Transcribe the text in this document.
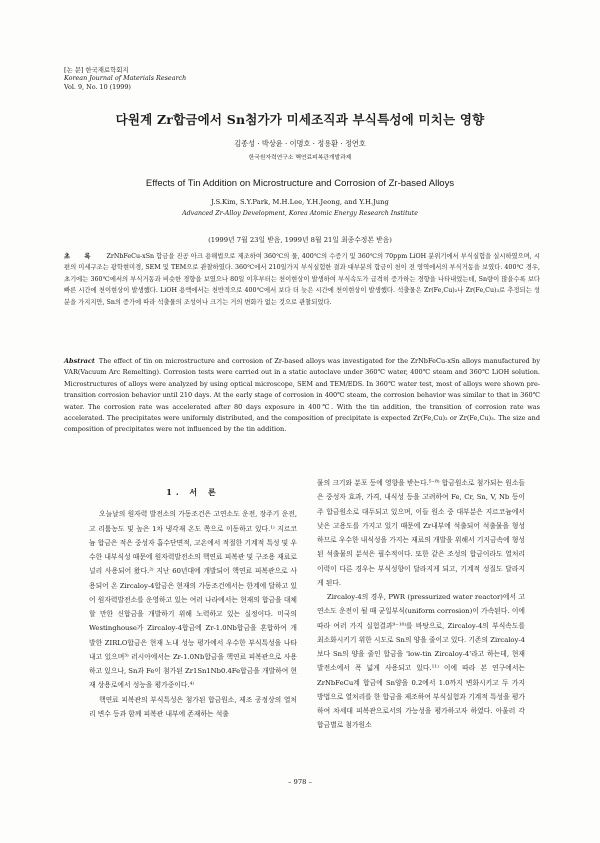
[논 문] 한국재료학회지
Korean Journal of Materials Research
Vol. 9, No. 10 (1999)
다원계 Zr합금에서 Sn첨가가 미세조직과 부식특성에 미치는 영향
김종성 · 박상윤 · 이명호 · 정용환 · 정연호
한국원자력연구소 핵연료피복관개발과제
Effects of Tin Addition on Microstructure and Corrosion of Zr-based Alloys
J.S.Kim, S.Y.Park, M.H.Lee, Y.H.Jeong, and Y.H.Jung
Advanced Zr-Alloy Development, Korea Atomic Energy Research Institute
(1999년 7월 23일 받음, 1999년 8월 21일 최종수정본 받음)
초 록 ZrNbFeCu-xSn 합금을 진공 아크 용해법으로 제조하여 360℃의 물, 400℃의 수증기 및 360℃의 70ppm LiOH 분위기에서 부식실험을 실시하였으며, 시편의 미세구조는 광학현미경, SEM 및 TEM으로 관찰하였다. 360℃에서 210일가지 부식실험한 결과 대부분의 합금이 천이 전 영역에서의 부식거동을 보였다. 400℃ 경우, 초기에는 360℃에서의 부식거동과 비슷한 경향을 보였으나 80일 이후부터는 천이현상이 발생하여 부식속도가 급격히 증가하는 경향을 나타내었는데, Sn량이 많을수록 보다 빠른 시간에 천이현상이 발생했다. LiOH 용액에서는 천반적으로 400℃에서 보다 더 늦은 시간에 천이현상이 발생했다. 석출물은 Zr(Fe,Cu)₂나 Zr(Fe,Cu)₃로 추정되는 성분을 가지지만, Sn의 증가에 따라 석출물의 조성이나 크기는 거의 변화가 없는 것으로 관찰되었다.
Abstract The effect of tin on microstructure and corrosion of Zr-based alloys was investigated for the ZrNbFeCu-xSn alloys manufactured by VAR(Vacuum Arc Remelting). Corrosion tests were carried out in a static autoclave under 360℃ water, 400℃ steam and 360℃ LiOH solution. Microstructures of alloys were analyzed by using optical microscope, SEM and TEM/EDS. In 360℃ water test, most of alloys were shown pre-transition corrosion behavior until 210 days. At the early stage of corrosion in 400℃ steam, the corrosion behavior was similar to that in 360℃ water. The corrosion rate was accelerated after 80 days exposure in 400℃. With the tin addition, the transition of corrosion rate was accelerated. The precipitates were uniformly distributed, and the composition of precipitate is expected Zr(Fe,Cu)₂ or Zr(Fe,Cu)₃. The size and composition of precipitates were not influenced by the tin addition.

1. 서 론

오늘날의 원자력 발전소의 가동조건은 고연소도 운전, 장주기 운전, 고 리튬농도 및 높은 1차 냉각재 온도 쪽으로 이동하고 있다.¹⁾ 지르코늄 합금은 적은 중성자 흡수단면적, 고온에서 적절한 기계적 특성 및 우수한 내부식성 때문에 원자력발전소의 핵연료 피복관 및 구조용 재료로 널리 사용되어 왔다.²⁾ 지난 60년대에 개발되어 핵연료 피복관으로 사용되어 온 Zircaloy-4합금은 현재의 가동조건에서는 한계에 달하고 있어 원자력발전소를 운영하고 있는 여러 나라에서는 현재의 합금을 대체할 만한 신합금을 개발하기 위해 노력하고 있는 실정이다. 미국의 Westinghouse가 Zircaloy-4합금에 Zr-1.0Nb합금을 혼합하여 개발한 ZIRLO합금은 현재 노내 성능 평가에서 우수한 부식특성을 나타내고 있으며³⁾ 러시아에서는 Zr-1.0Nb합금을 핵연료 피복관으로 사용하고 있으나, Sn과 Fe이 첨가된 Zr1Sn1Nb0.4Fe합금을 개발하여 현재 상용로에서 성능을 평가중이다.⁴⁾

핵연료 피복관의 부식특성은 첨가된 합금원소, 제조 공정상의 열처리 변수 등과 함께 피복관 내부에 존재하는 석출

물의 크기와 분포 등에 영향을 받는다.⁵⁻⁸⁾ 합금원소로 첨가되는 원소들은 중성자 효과, 가격, 내식성 등을 고려하여 Fe, Cr, Sn, V, Nb 등이 주 합금원소로 대두되고 있으며, 이들 원소 중 대부분은 지르코늄에서 낮은 고용도를 가지고 있기 때문에 Zr내부에 석출되어 석출물을 형성하므로 우수한 내식성을 가지는 재료의 개발을 위해서 기지금속에 형성된 석출물의 분석은 필수적이다. 또한 같은 조성의 합금이라도 열처리 이력이 다른 경우는 부식성향이 달라지게 되고, 기계적 성질도 달라지게 된다.

Zircaloy-4의 경우, PWR (pressurized water reactor)에서 고연소도 운전이 될 때 균일부식(uniform corrosion)이 가속된다. 이에 따라 여러 가지 실험결과⁹⁻¹⁰⁾를 바탕으로, Zircaloy-4의 부식속도를 최소화시키기 위한 시도로 Sn의 양을 줄이고 있다. 기존의 Zircaloy-4보다 Sn의 양을 줄인 합금을 'low-tin Zircaloy-4'라고 하는데, 현재 발전소에서 폭 넓게 사용되고 있다.¹¹⁾ 이에 따라 본 연구에서는 ZrNbFeCu계 합금에 Sn양을 0.2에서 1.0까지 변화시키고 두 가지 방법으로 열처리를 한 합금을 제조하여 부식실험과 기계적 특성을 평가하여 차세대 피복관으로서의 가능성을 평가하고자 하였다. 아울러 각 합금별로 첨가원소

– 978 –
